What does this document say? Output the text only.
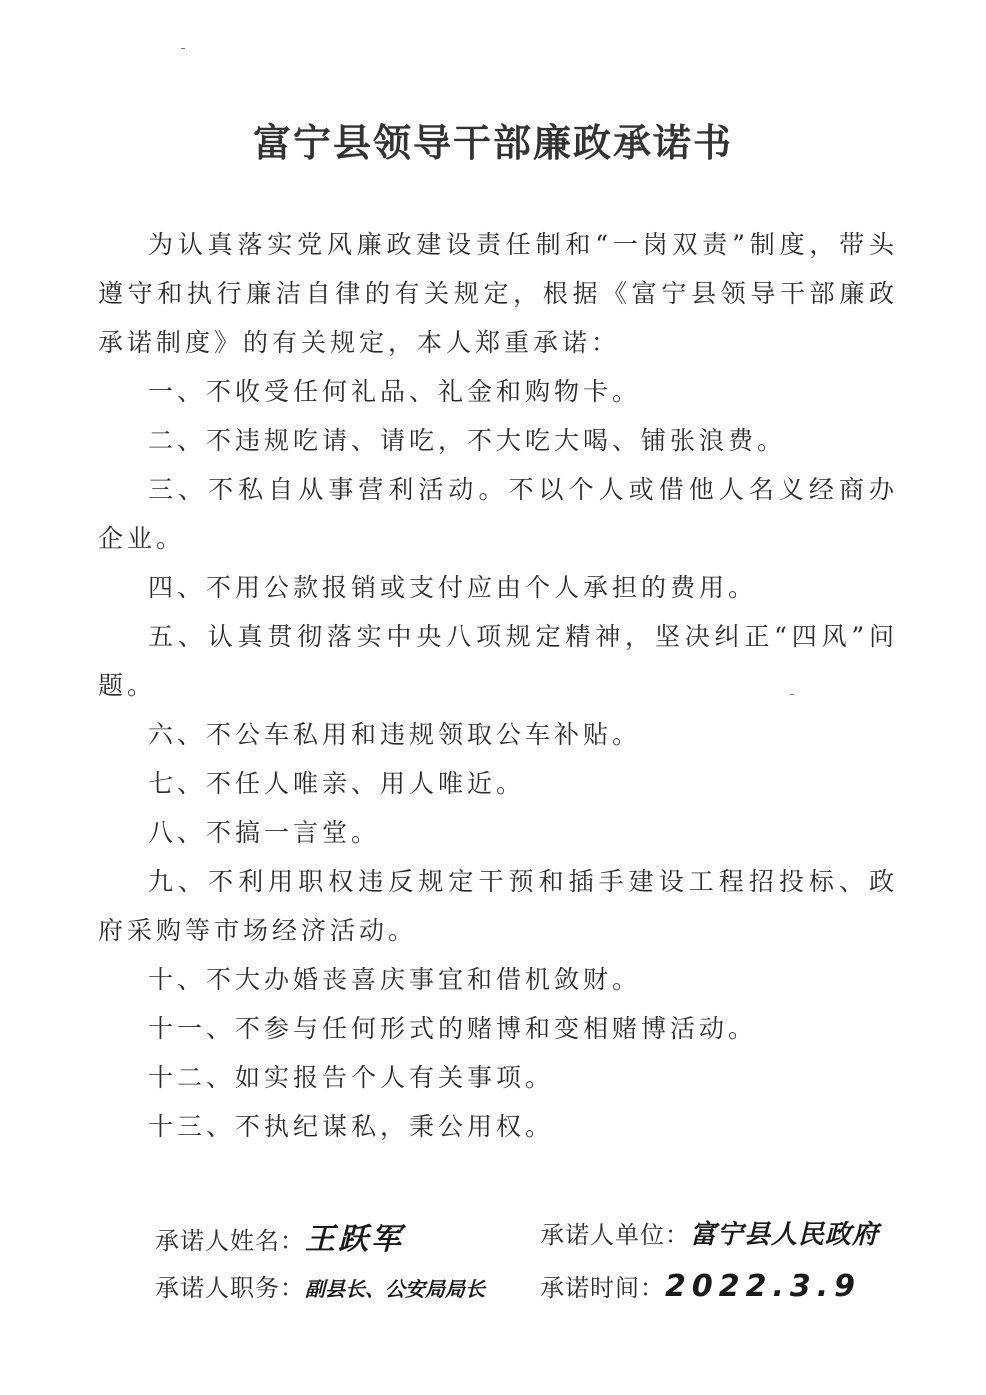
富宁县领导干部廉政承诺书

为认真落实党风廉政建设责任制和“一岗双责”制度，带头遵守和执行廉洁自律的有关规定，根据《富宁县领导干部廉政承诺制度》的有关规定，本人郑重承诺：

一、不收受任何礼品、礼金和购物卡。

二、不违规吃请、请吃，不大吃大喝、铺张浪费。

三、不私自从事营利活动。不以个人或借他人名义经商办企业。

四、不用公款报销或支付应由个人承担的费用。

五、认真贯彻落实中央八项规定精神，坚决纠正“四风”问题。

六、不公车私用和违规领取公车补贴。

七、不任人唯亲、用人唯近。

八、不搞一言堂。

九、不利用职权违反规定干预和插手建设工程招投标、政府采购等市场经济活动。

十、不大办婚丧喜庆事宜和借机敛财。

十一、不参与任何形式的赌博和变相赌博活动。

十二、如实报告个人有关事项。

十三、不执纪谋私，秉公用权。

承诺人姓名：王跃军	承诺人单位：富宁县人民政府
承诺人职务：副县长、公安局局长 承诺时间：2022.3.9
